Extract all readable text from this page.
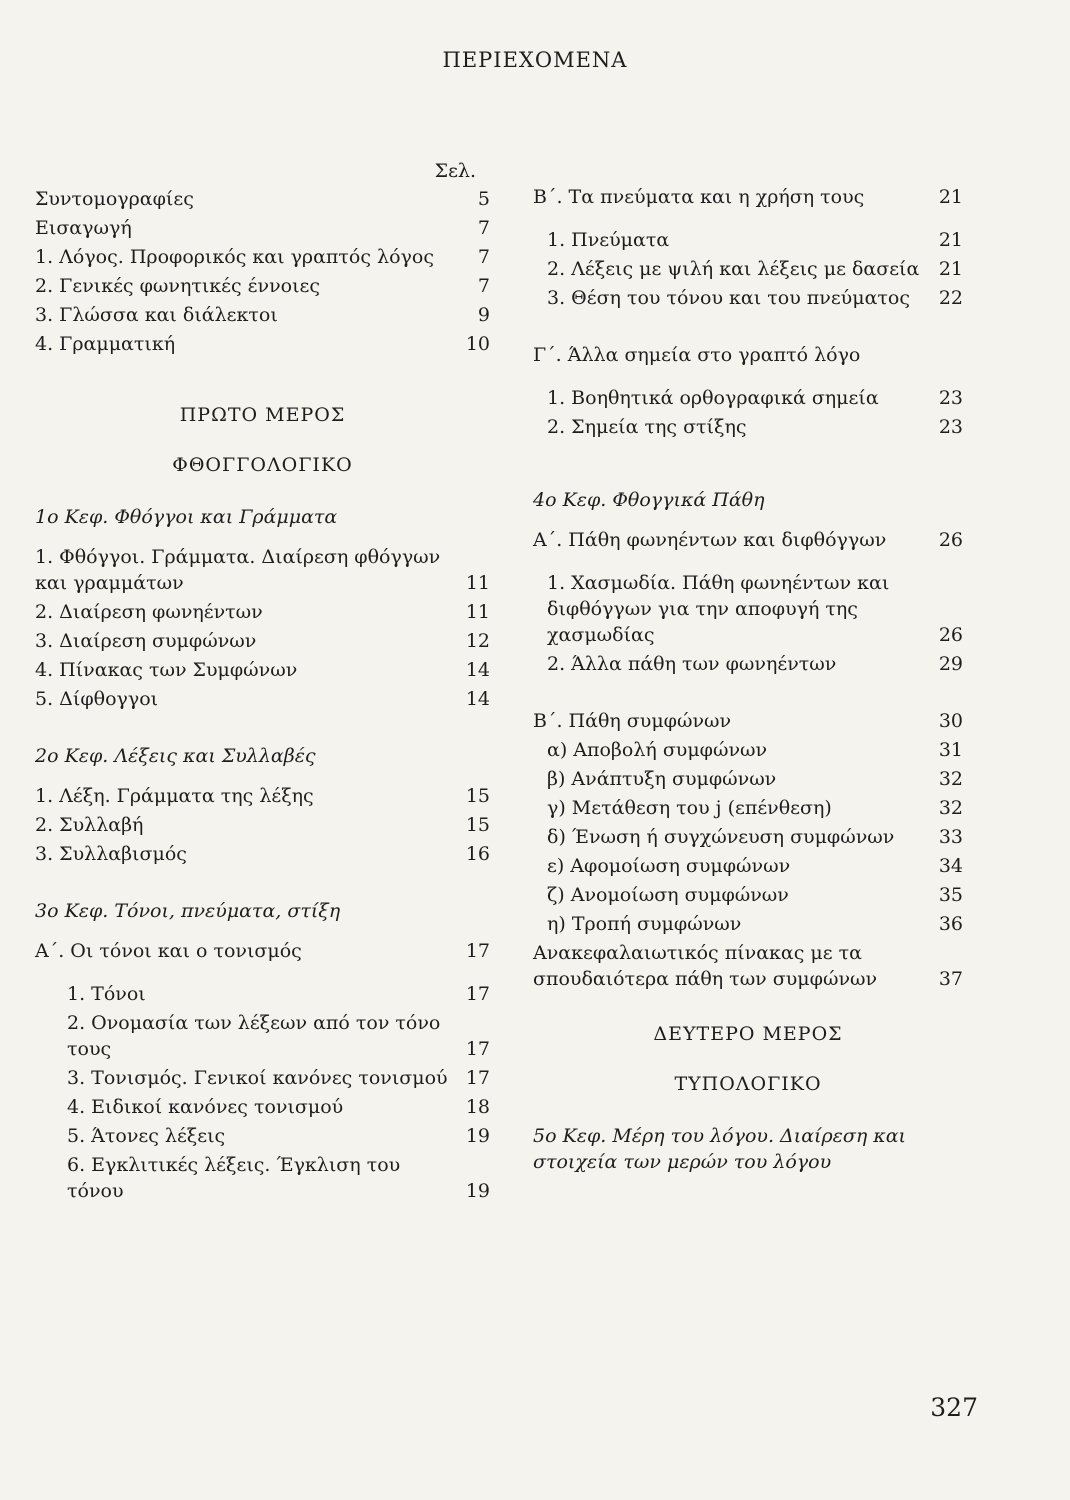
ΠΕΡΙΕΧΟΜΕΝΑ
Σελ.
Συντομογραφίες	5
Εισαγωγή	7
1. Λόγος. Προφορικός και γραπτός λόγος	7
2. Γενικές φωνητικές έννοιες	7
3. Γλώσσα και διάλεκτοι	9
4. Γραμματική	10
ΠΡΩΤΟ ΜΕΡΟΣ
ΦΘΟΓΓΟΛΟΓΙΚΟ
1ο Κεφ. Φθόγγοι και Γράμματα
1. Φθόγγοι. Γράμματα. Διαίρεση φθόγγων και γραμμάτων	11
2. Διαίρεση φωνηέντων	11
3. Διαίρεση συμφώνων	12
4. Πίνακας των Συμφώνων	14
5. Δίφθογγοι	14
2ο Κεφ. Λέξεις και Συλλαβές
1. Λέξη. Γράμματα της λέξης	15
2. Συλλαβή	15
3. Συλλαβισμός	16
3ο Κεφ. Τόνοι, πνεύματα, στίξη
Α΄. Οι τόνοι και ο τονισμός	17
1. Τόνοι	17
2. Ονομασία των λέξεων από τον τόνο τους	17
3. Τονισμός. Γενικοί κανόνες τονισμού 17
4. Ειδικοί κανόνες τονισμού	18
5. Άτονες λέξεις	19
6. Εγκλιτικές λέξεις. Έγκλιση του τόνου	19
Β΄. Τα πνεύματα και η χρήση τους	21
1. Πνεύματα	21
2. Λέξεις με ψιλή και λέξεις με δασεία	21
3. Θέση του τόνου και του πνεύματος	22
Γ΄. Άλλα σημεία στο γραπτό λόγο
1. Βοηθητικά ορθογραφικά σημεία	23
2. Σημεία της στίξης	23
4ο Κεφ. Φθογγικά Πάθη
Α΄. Πάθη φωνηέντων και διφθόγγων	26
1. Χασμωδία. Πάθη φωνηέντων και διφθόγγων για την αποφυγή της χασμωδίας	26
2. Άλλα πάθη των φωνηέντων	29
Β΄. Πάθη συμφώνων	30
α) Αποβολή συμφώνων	31
β) Ανάπτυξη συμφώνων	32
γ) Μετάθεση του j (επένθεση)	32
δ) Ένωση ή συγχώνευση συμφώνων	33
ε) Αφομοίωση συμφώνων	34
ζ) Ανομοίωση συμφώνων	35
η) Τροπή συμφώνων	36
Ανακεφαλαιωτικός πίνακας με τα σπουδαιότερα πάθη των συμφώνων	37
ΔΕΥΤΕΡΟ ΜΕΡΟΣ
ΤΥΠΟΛΟΓΙΚΟ
5ο Κεφ. Μέρη του λόγου. Διαίρεση και στοιχεία των μερών του λόγου
327
